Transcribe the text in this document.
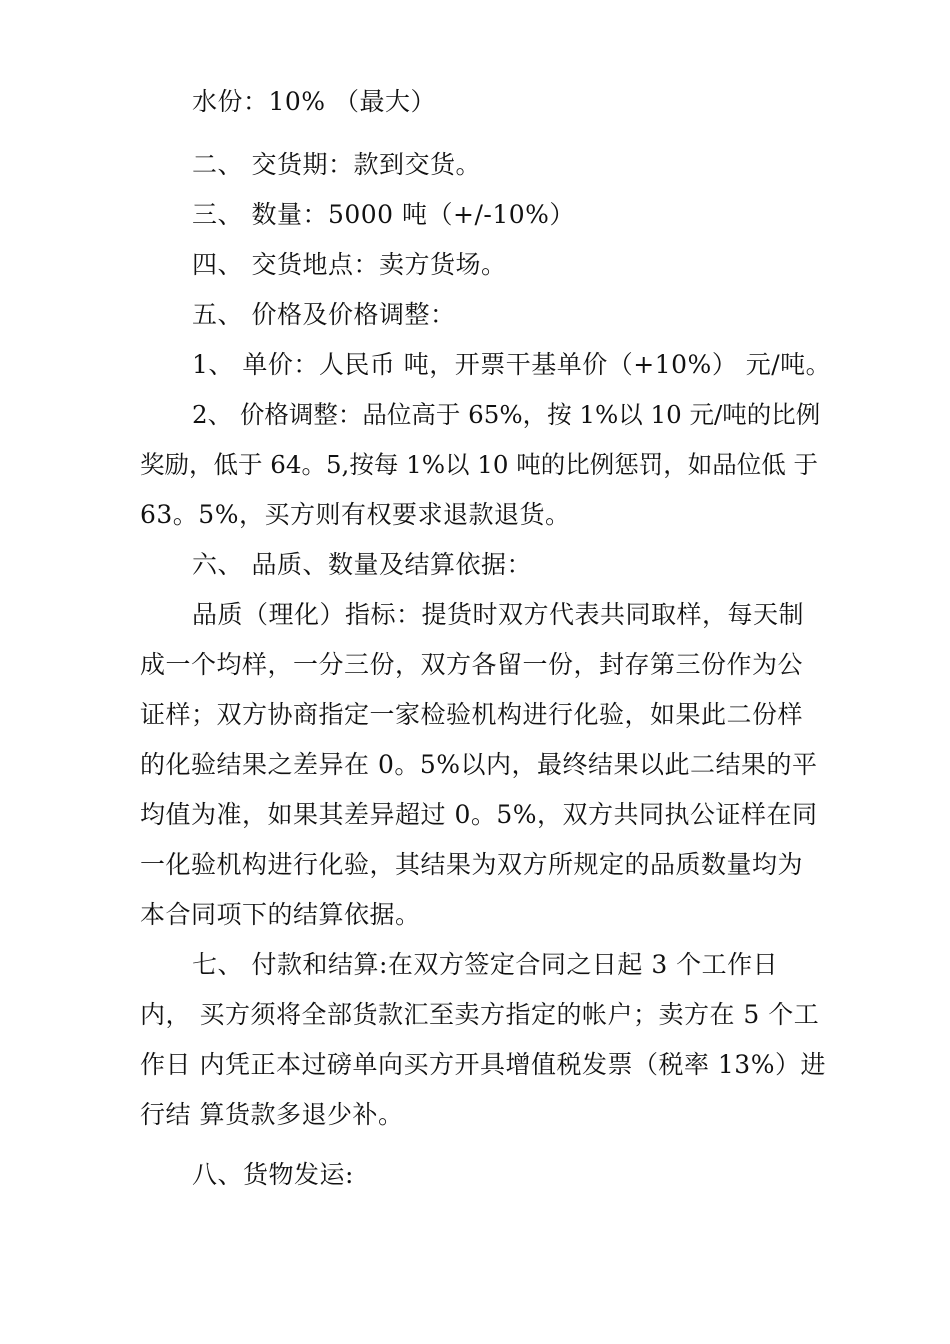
水份：10% （最大）
二、 交货期：款到交货。
三、 数量：5000 吨（+/-10%）
四、 交货地点：卖方货场。
五、 价格及价格调整：
1、 单价：人民币 吨，开票干基单价（+10%） 元/吨。
2、 价格调整：品位高于 65%，按 1%以 10 元/吨的比例
奖励，低于 64。5,按每 1%以 10 吨的比例惩罚，如品位低 于
63。5%，买方则有权要求退款退货。
六、 品质、数量及结算依据：
品质（理化）指标：提货时双方代表共同取样，每天制
成一个均样，一分三份，双方各留一份，封存第三份作为公
证样；双方协商指定一家检验机构进行化验，如果此二份样
的化验结果之差异在 0。5%以内，最终结果以此二结果的平
均值为准，如果其差异超过 0。5%，双方共同执公证样在同
一化验机构进行化验，其结果为双方所规定的品质数量均为
本合同项下的结算依据。
七、 付款和结算:在双方签定合同之日起 3 个工作日
内， 买方须将全部货款汇至卖方指定的帐户；卖方在 5 个工
作日 内凭正本过磅单向买方开具增值税发票（税率 13%）进
行结 算货款多退少补。
八、货物发运:
